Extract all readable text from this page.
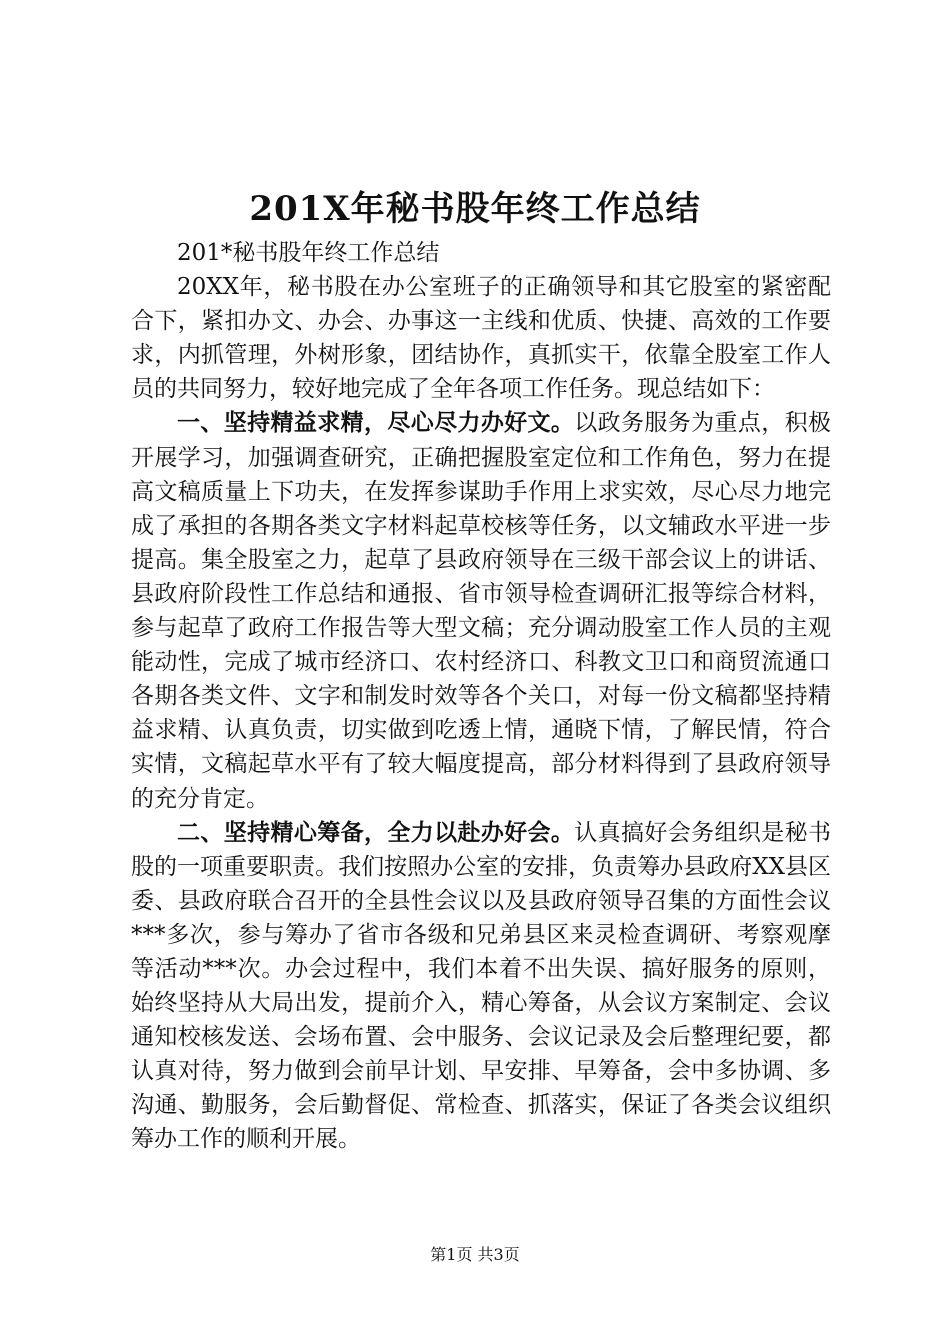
201X年秘书股年终工作总结

201*秘书股年终工作总结

20XX年，秘书股在办公室班子的正确领导和其它股室的紧密配合下，紧扣办文、办会、办事这一主线和优质、快捷、高效的工作要求，内抓管理，外树形象，团结协作，真抓实干，依靠全股室工作人员的共同努力，较好地完成了全年各项工作任务。现总结如下：

一、坚持精益求精，尽心尽力办好文。以政务服务为重点，积极开展学习，加强调查研究，正确把握股室定位和工作角色，努力在提高文稿质量上下功夫，在发挥参谋助手作用上求实效，尽心尽力地完成了承担的各期各类文字材料起草校核等任务，以文辅政水平进一步提高。集全股室之力，起草了县政府领导在三级干部会议上的讲话、县政府阶段性工作总结和通报、省市领导检查调研汇报等综合材料，参与起草了政府工作报告等大型文稿；充分调动股室工作人员的主观能动性，完成了城市经济口、农村经济口、科教文卫口和商贸流通口各期各类文件、文字和制发时效等各个关口，对每一份文稿都坚持精益求精、认真负责，切实做到吃透上情，通晓下情，了解民情，符合实情，文稿起草水平有了较大幅度提高，部分材料得到了县政府领导的充分肯定。

二、坚持精心筹备，全力以赴办好会。认真搞好会务组织是秘书股的一项重要职责。我们按照办公室的安排，负责筹办县政府XX县区委、县政府联合召开的全县性会议以及县政府领导召集的方面性会议***多次，参与筹办了省市各级和兄弟县区来灵检查调研、考察观摩等活动***次。办会过程中，我们本着不出失误、搞好服务的原则，始终坚持从大局出发，提前介入，精心筹备，从会议方案制定、会议通知校核发送、会场布置、会中服务、会议记录及会后整理纪要，都认真对待，努力做到会前早计划、早安排、早筹备，会中多协调、多沟通、勤服务，会后勤督促、常检查、抓落实，保证了各类会议组织筹办工作的顺利开展。

第1页 共3页
